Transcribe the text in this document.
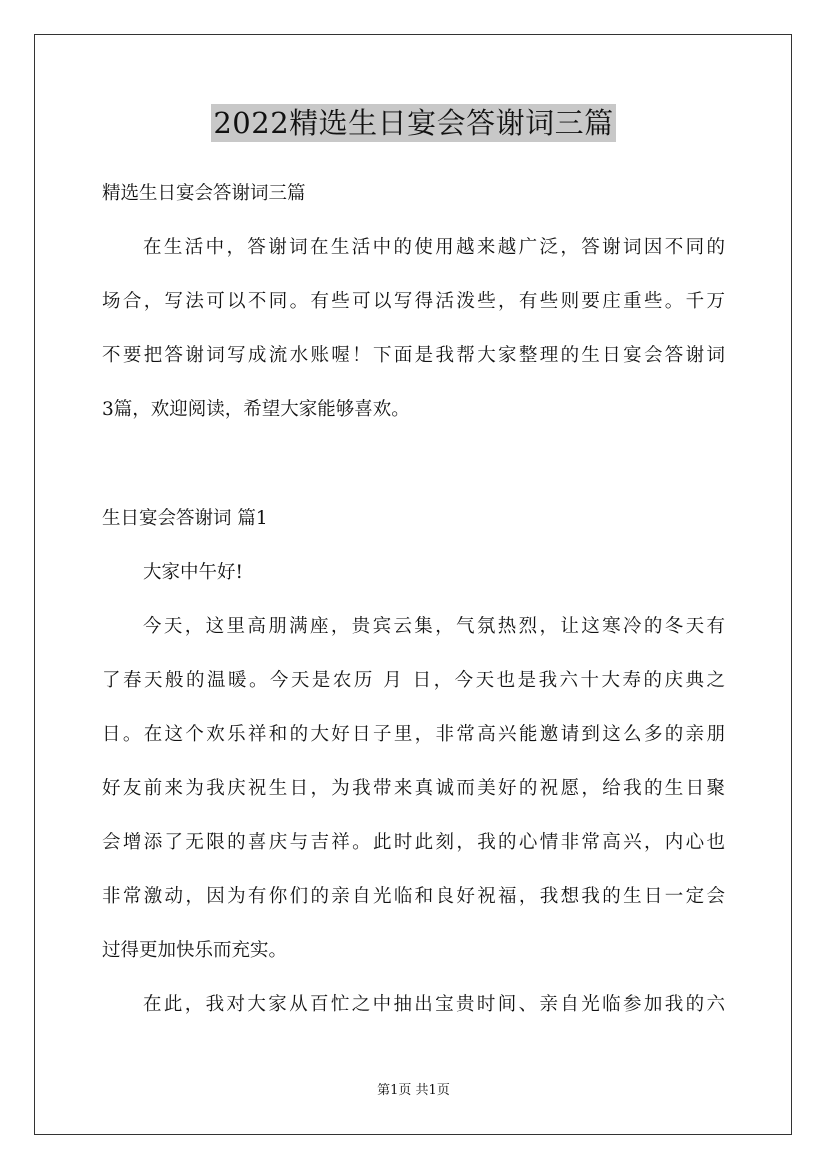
2022精选生日宴会答谢词三篇
精选生日宴会答谢词三篇
在生活中，答谢词在生活中的使用越来越广泛，答谢词因不同的
场合，写法可以不同。有些可以写得活泼些，有些则要庄重些。千万
不要把答谢词写成流水账喔！下面是我帮大家整理的生日宴会答谢词
3篇，欢迎阅读，希望大家能够喜欢。
生日宴会答谢词 篇1
大家中午好!
今天，这里高朋满座，贵宾云集，气氛热烈，让这寒冷的冬天有
了春天般的温暖。今天是农历 月 日，今天也是我六十大寿的庆典之
日。在这个欢乐祥和的大好日子里，非常高兴能邀请到这么多的亲朋
好友前来为我庆祝生日，为我带来真诚而美好的祝愿，给我的生日聚
会增添了无限的喜庆与吉祥。此时此刻，我的心情非常高兴，内心也
非常激动，因为有你们的亲自光临和良好祝福，我想我的生日一定会
过得更加快乐而充实。
在此，我对大家从百忙之中抽出宝贵时间、亲自光临参加我的六
第1页 共1页
